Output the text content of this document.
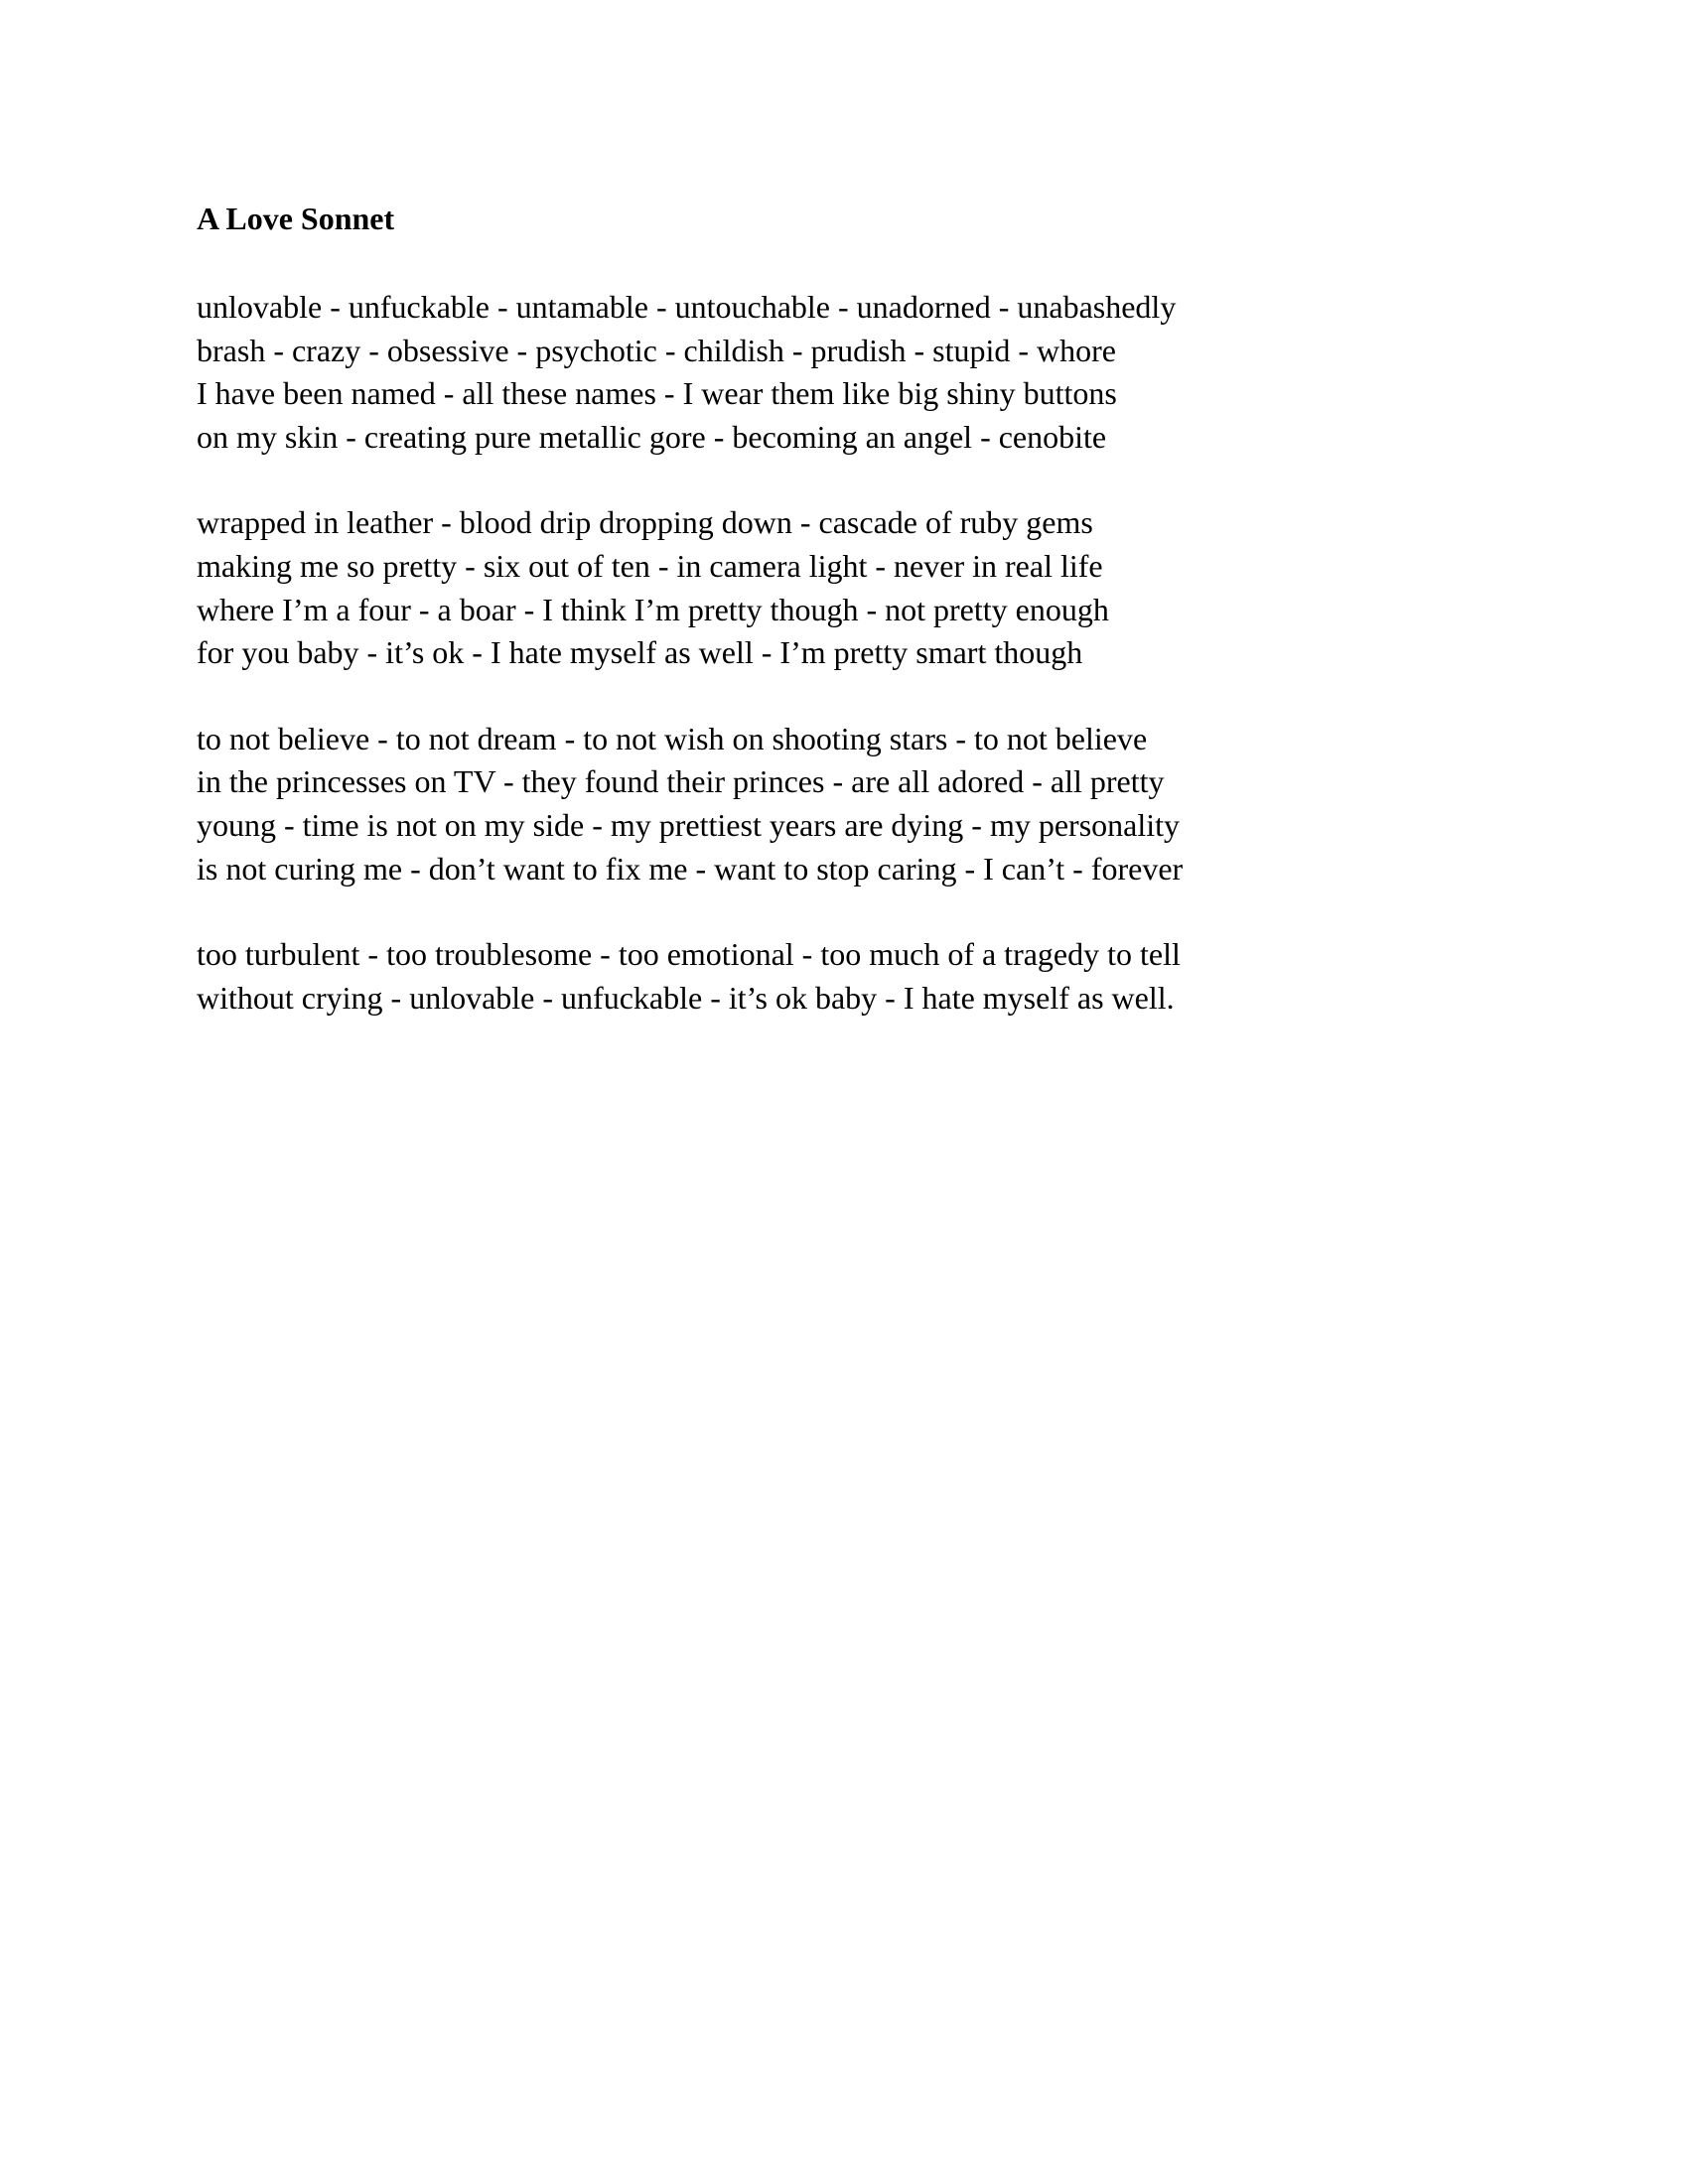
A Love Sonnet
unlovable - unfuckable - untamable - untouchable - unadorned - unabashedly
brash - crazy - obsessive - psychotic - childish - prudish - stupid - whore
I have been named - all these names - I wear them like big shiny buttons
on my skin - creating pure metallic gore - becoming an angel - cenobite
wrapped in leather - blood drip dropping down - cascade of ruby gems
making me so pretty - six out of ten - in camera light - never in real life
where I’m a four - a boar - I think I’m pretty though - not pretty enough
for you baby - it’s ok - I hate myself as well - I’m pretty smart though
to not believe - to not dream - to not wish on shooting stars - to not believe
in the princesses on TV - they found their princes - are all adored - all pretty
young - time is not on my side - my prettiest years are dying - my personality
is not curing me - don’t want to fix me - want to stop caring - I can’t - forever
too turbulent - too troublesome - too emotional - too much of a tragedy to tell
without crying - unlovable - unfuckable - it’s ok baby - I hate myself as well.
